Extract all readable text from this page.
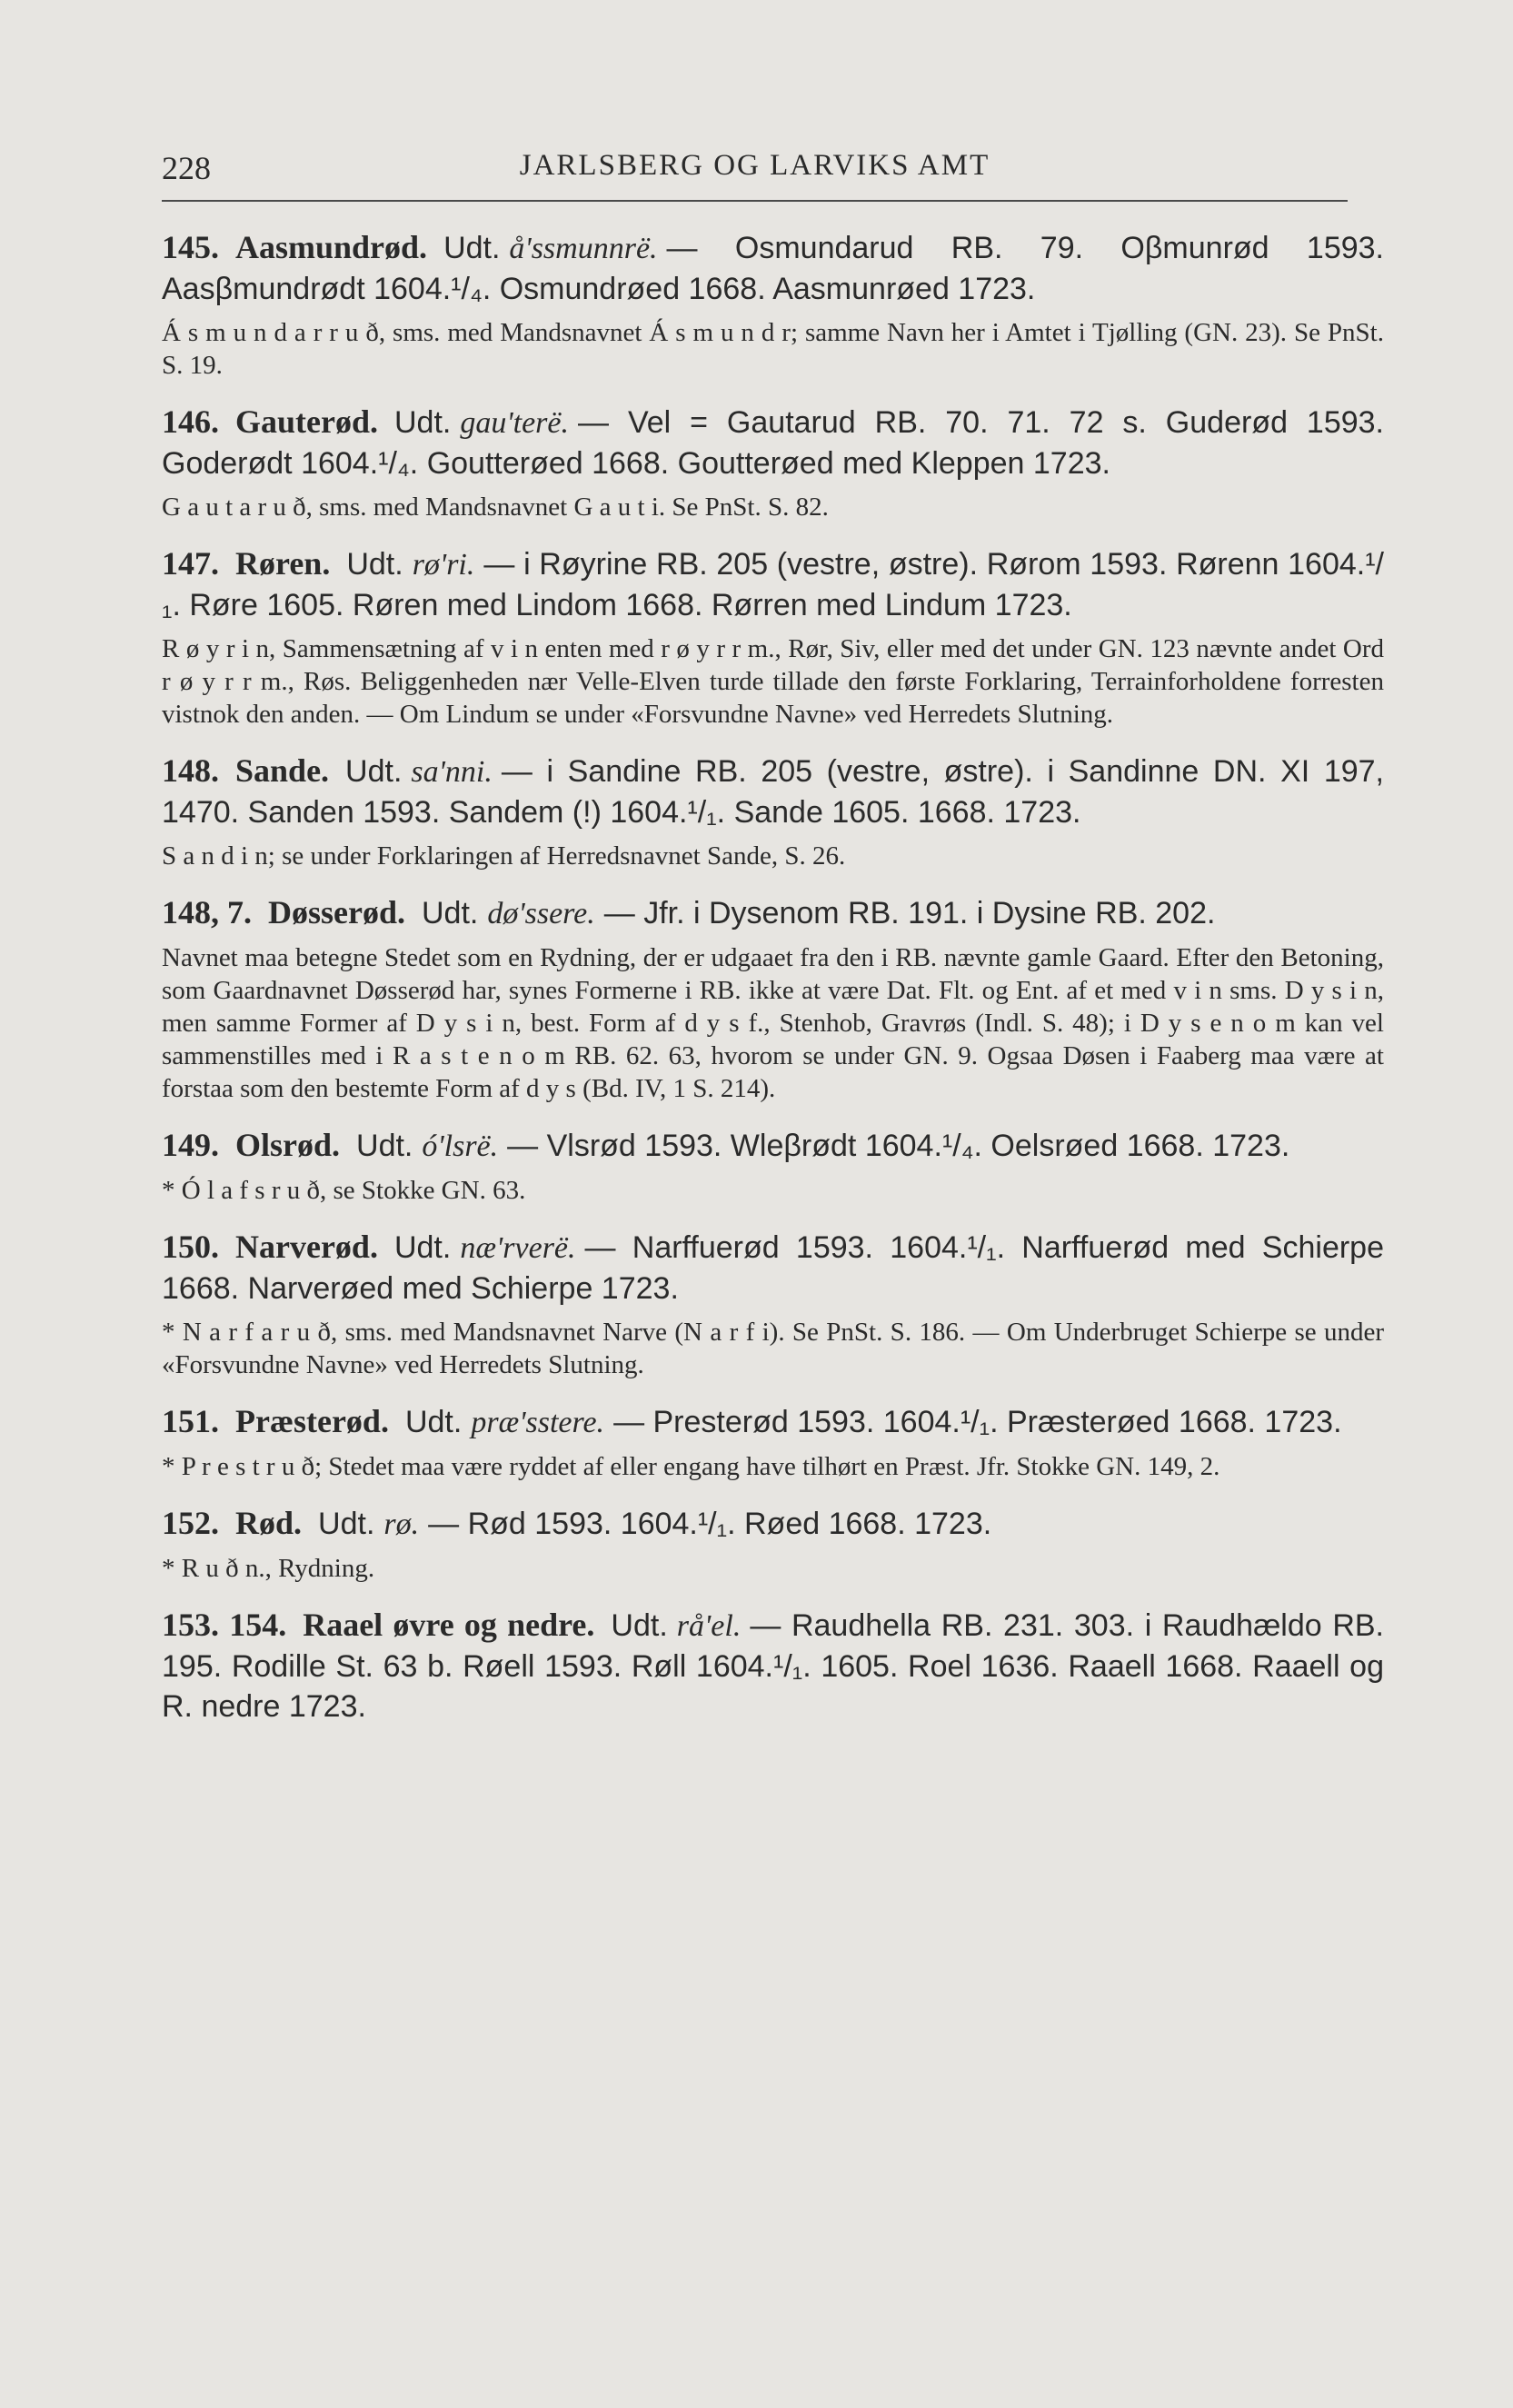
228	JARLSBERG OG LARVIKS AMT

145. Aasmundrød. Udt. å'ssmunnrë. — Osmundarud RB. 79. Oβmunrød 1593. Aasβmundrødt 1604.¹/₄. Osmundrøed 1668. Aasmunrøed 1723.

Á s m u n d a r r u ð, sms. med Mandsnavnet Á s m u n d r; samme Navn her i Amtet i Tjølling (GN. 23). Se PnSt. S. 19.

146. Gauterød. Udt. gau'terë. — Vel = Gautarud RB. 70. 71. 72 s. Guderød 1593. Goderødt 1604.¹/₄. Goutterøed 1668. Goutterøed med Kleppen 1723.

G a u t a r u ð, sms. med Mandsnavnet G a u t i. Se PnSt. S. 82.

147. Røren. Udt. rø'ri. — i Røyrine RB. 205 (vestre, østre). Rørom 1593. Rørenn 1604.¹/₁. Røre 1605. Røren med Lindom 1668. Rørren med Lindum 1723.

R ø y r i n, Sammensætning af v i n enten med r ø y r r m., Rør, Siv, eller med det under GN. 123 nævnte andet Ord r ø y r r m., Røs. Beliggenheden nær Velle-Elven turde tillade den første Forklaring, Terrainforholdene forresten vistnok den anden. — Om Lindum se under «Forsvundne Navne» ved Herredets Slutning.

148. Sande. Udt. sa'nni. — i Sandine RB. 205 (vestre, østre). i Sandinne DN. XI 197, 1470. Sanden 1593. Sandem (!) 1604.¹/₁. Sande 1605. 1668. 1723.

S a n d i n; se under Forklaringen af Herredsnavnet Sande, S. 26.

148, 7. Døsserød. Udt. dø'ssere. — Jfr. i Dysenom RB. 191. i Dysine RB. 202.

Navnet maa betegne Stedet som en Rydning, der er udgaaet fra den i RB. nævnte gamle Gaard. Efter den Betoning, som Gaardnavnet Døsserød har, synes Formerne i RB. ikke at være Dat. Flt. og Ent. af et med v i n sms. D y s i n, men samme Former af D y s i n, best. Form af d y s f., Stenhob, Gravrøs (Indl. S. 48); i D y s e n o m kan vel sammenstilles med i R a s t e n o m RB. 62. 63, hvorom se under GN. 9. Ogsaa Døsen i Faaberg maa være at forstaa som den bestemte Form af d y s (Bd. IV, 1 S. 214).

149. Olsrød. Udt. ó'lsrë. — Vlsrød 1593. Wleβrødt 1604.¹/₄. Oelsrøed 1668. 1723.

* Ó l a f s r u ð, se Stokke GN. 63.

150. Narverød. Udt. næ'rverë. — Narffuerød 1593. 1604.¹/₁. Narffuerød med Schierpe 1668. Narverøed med Schierpe 1723.

* N a r f a r u ð, sms. med Mandsnavnet Narve (N a r f i). Se PnSt. S. 186. — Om Underbruget Schierpe se under «Forsvundne Navne» ved Herredets Slutning.

151. Præsterød. Udt. præ'sstere. — Presterød 1593. 1604.¹/₁. Præsterøed 1668. 1723.

* P r e s t r u ð; Stedet maa være ryddet af eller engang have tilhørt en Præst. Jfr. Stokke GN. 149, 2.

152. Rød. Udt. rø. — Rød 1593. 1604.¹/₁. Røed 1668. 1723.

* R u ð n., Rydning.

153. 154. Raael øvre og nedre. Udt. rå'el. — Raudhella RB. 231. 303. i Raudhældo RB. 195. Rodille St. 63 b. Røell 1593. Røll 1604.¹/₁. 1605. Roel 1636. Raaell 1668. Raaell og R. nedre 1723.
